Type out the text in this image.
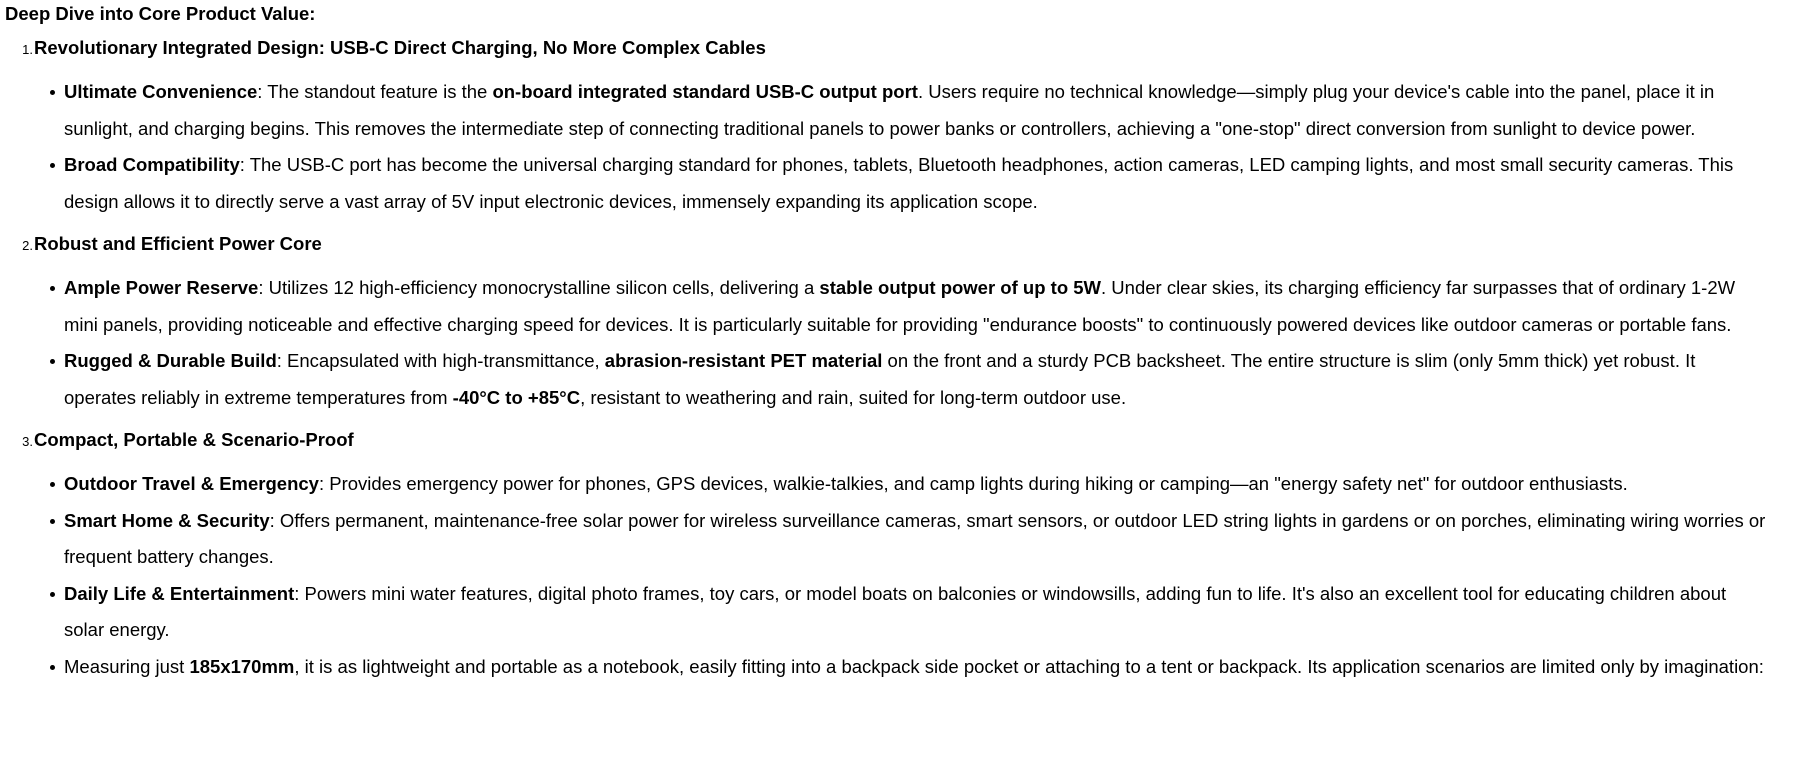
Deep Dive into Core Product Value:
1. Revolutionary Integrated Design: USB-C Direct Charging, No More Complex Cables
Ultimate Convenience: The standout feature is the on-board integrated standard USB-C output port. Users require no technical knowledge—simply plug your device's cable into the panel, place it in sunlight, and charging begins. This removes the intermediate step of connecting traditional panels to power banks or controllers, achieving a "one-stop" direct conversion from sunlight to device power.
Broad Compatibility: The USB-C port has become the universal charging standard for phones, tablets, Bluetooth headphones, action cameras, LED camping lights, and most small security cameras. This design allows it to directly serve a vast array of 5V input electronic devices, immensely expanding its application scope.
2. Robust and Efficient Power Core
Ample Power Reserve: Utilizes 12 high-efficiency monocrystalline silicon cells, delivering a stable output power of up to 5W. Under clear skies, its charging efficiency far surpasses that of ordinary 1-2W mini panels, providing noticeable and effective charging speed for devices. It is particularly suitable for providing "endurance boosts" to continuously powered devices like outdoor cameras or portable fans.
Rugged & Durable Build: Encapsulated with high-transmittance, abrasion-resistant PET material on the front and a sturdy PCB backsheet. The entire structure is slim (only 5mm thick) yet robust. It operates reliably in extreme temperatures from -40°C to +85°C, resistant to weathering and rain, suited for long-term outdoor use.
3. Compact, Portable & Scenario-Proof
Outdoor Travel & Emergency: Provides emergency power for phones, GPS devices, walkie-talkies, and camp lights during hiking or camping—an "energy safety net" for outdoor enthusiasts.
Smart Home & Security: Offers permanent, maintenance-free solar power for wireless surveillance cameras, smart sensors, or outdoor LED string lights in gardens or on porches, eliminating wiring worries or frequent battery changes.
Daily Life & Entertainment: Powers mini water features, digital photo frames, toy cars, or model boats on balconies or windowsills, adding fun to life. It's also an excellent tool for educating children about solar energy.
Measuring just 185x170mm, it is as lightweight and portable as a notebook, easily fitting into a backpack side pocket or attaching to a tent or backpack. Its application scenarios are limited only by imagination:
